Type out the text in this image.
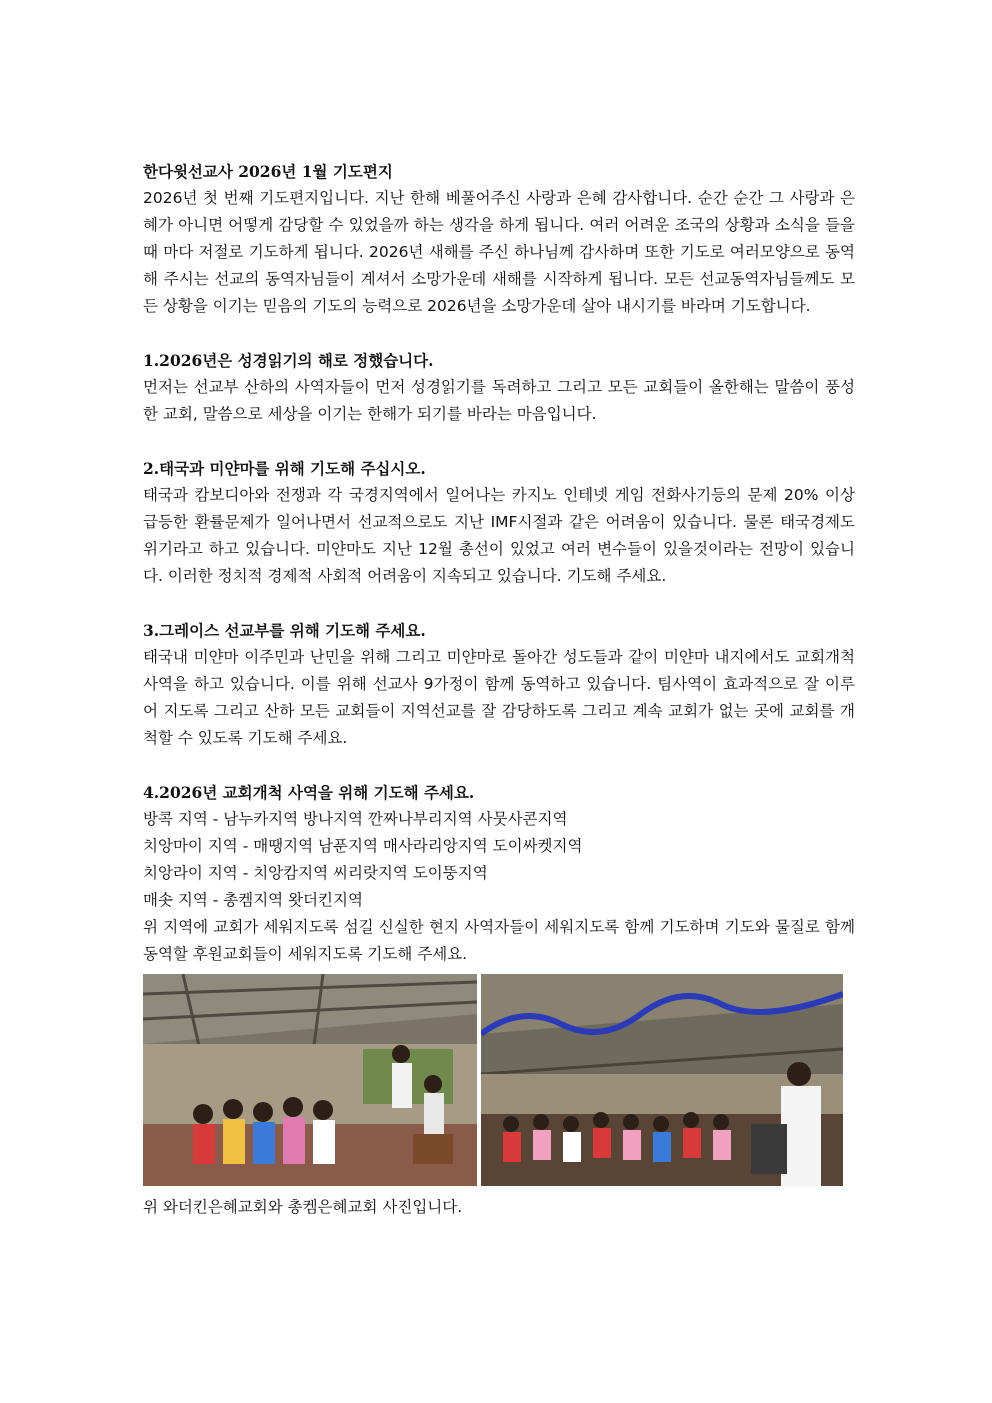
한다윗선교사 2026년 1월 기도편지

2026년 첫 번째 기도편지입니다. 지난 한해 베풀어주신 사랑과 은혜 감사합니다. 순간 순간 그 사랑과 은혜가 아니면 어떻게 감당할 수 있었을까 하는 생각을 하게 됩니다. 여러 어려운 조국의 상황과 소식을 들을 때 마다 저절로 기도하게 됩니다. 2026년 새해를 주신 하나님께 감사하며 또한 기도로 여러모양으로 동역해 주시는 선교의 동역자님들이 계셔서 소망가운데 새해를 시작하게 됩니다. 모든 선교동역자님들께도 모든 상황을 이기는 믿음의 기도의 능력으로 2026년을 소망가운데 살아 내시기를 바라며 기도합니다.

1.2026년은 성경읽기의 해로 정했습니다.

먼저는 선교부 산하의 사역자들이 먼저 성경읽기를 독려하고 그리고 모든 교회들이 올한해는 말씀이 풍성한 교회, 말씀으로 세상을 이기는 한해가 되기를 바라는 마음입니다.

2.태국과 미얀마를 위해 기도해 주십시오.

태국과 캄보디아와 전쟁과 각 국경지역에서 일어나는 카지노 인테넷 게임 전화사기등의 문제 20% 이상 급등한 환률문제가 일어나면서 선교적으로도 지난 IMF시절과 같은 어려움이 있습니다. 물론 태국경제도 위기라고 하고 있습니다. 미얀마도 지난 12월 총선이 있었고 여러 변수들이 있을것이라는 전망이 있습니다. 이러한 정치적 경제적 사회적 어려움이 지속되고 있습니다. 기도해 주세요.

3.그레이스 선교부를 위해 기도해 주세요.

태국내 미얀마 이주민과 난민을 위해 그리고 미얀마로 돌아간 성도들과 같이 미얀마 내지에서도 교회개척 사역을 하고 있습니다. 이를 위해 선교사 9가정이 함께 동역하고 있습니다. 팀사역이 효과적으로 잘 이루어 지도록 그리고 산하 모든 교회들이 지역선교를 잘 감당하도록 그리고 계속 교회가 없는 곳에 교회를 개척할 수 있도록 기도해 주세요.

4.2026년 교회개척 사역을 위해 기도해 주세요.

방콕 지역 - 남누카지역 방나지역 깐짜나부리지역 사뭇사콘지역

치앙마이 지역 - 매땡지역 남푼지역 매사라리앙지역 도이싸켓지역

치앙라이 지역 - 치앙캄지역 씨리랏지역 도이뚱지역

매솟 지역 - 총켐지역 왓더킨지역

위 지역에 교회가 세워지도록 섬길 신실한 현지 사역자들이 세워지도록 함께 기도하며 기도와 물질로 함께 동역할 후원교회들이 세워지도록 기도해 주세요.

위 와더킨은혜교회와 총켐은혜교회 사진입니다.
